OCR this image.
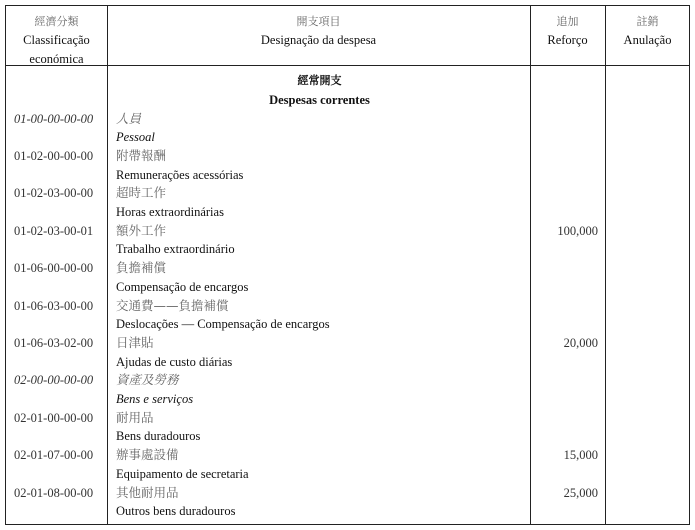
經濟分類
Classificação
económica
開支項目
Designação da despesa
追加
Reforço
註銷
Anulação
經常開支
Despesas correntes
01-00-00-00-00 人員
Pessoal
01-02-00-00-00 附帶報酬
Remunerações acessórias
01-02-03-00-00 超時工作
Horas extraordinárias
01-02-03-00-01 額外工作
Trabalho extraordinário
100,000
01-06-00-00-00 負擔補償
Compensação de encargos
01-06-03-00-00 交通費——負擔補償
Deslocações — Compensação de encargos
01-06-03-02-00 日津貼
Ajudas de custo diárias
20,000
02-00-00-00-00 資產及勞務
Bens e serviços
02-01-00-00-00 耐用品
Bens duradouros
02-01-07-00-00 辦事處設備
Equipamento de secretaria
15,000
02-01-08-00-00 其他耐用品
Outros bens duradouros
25,000
